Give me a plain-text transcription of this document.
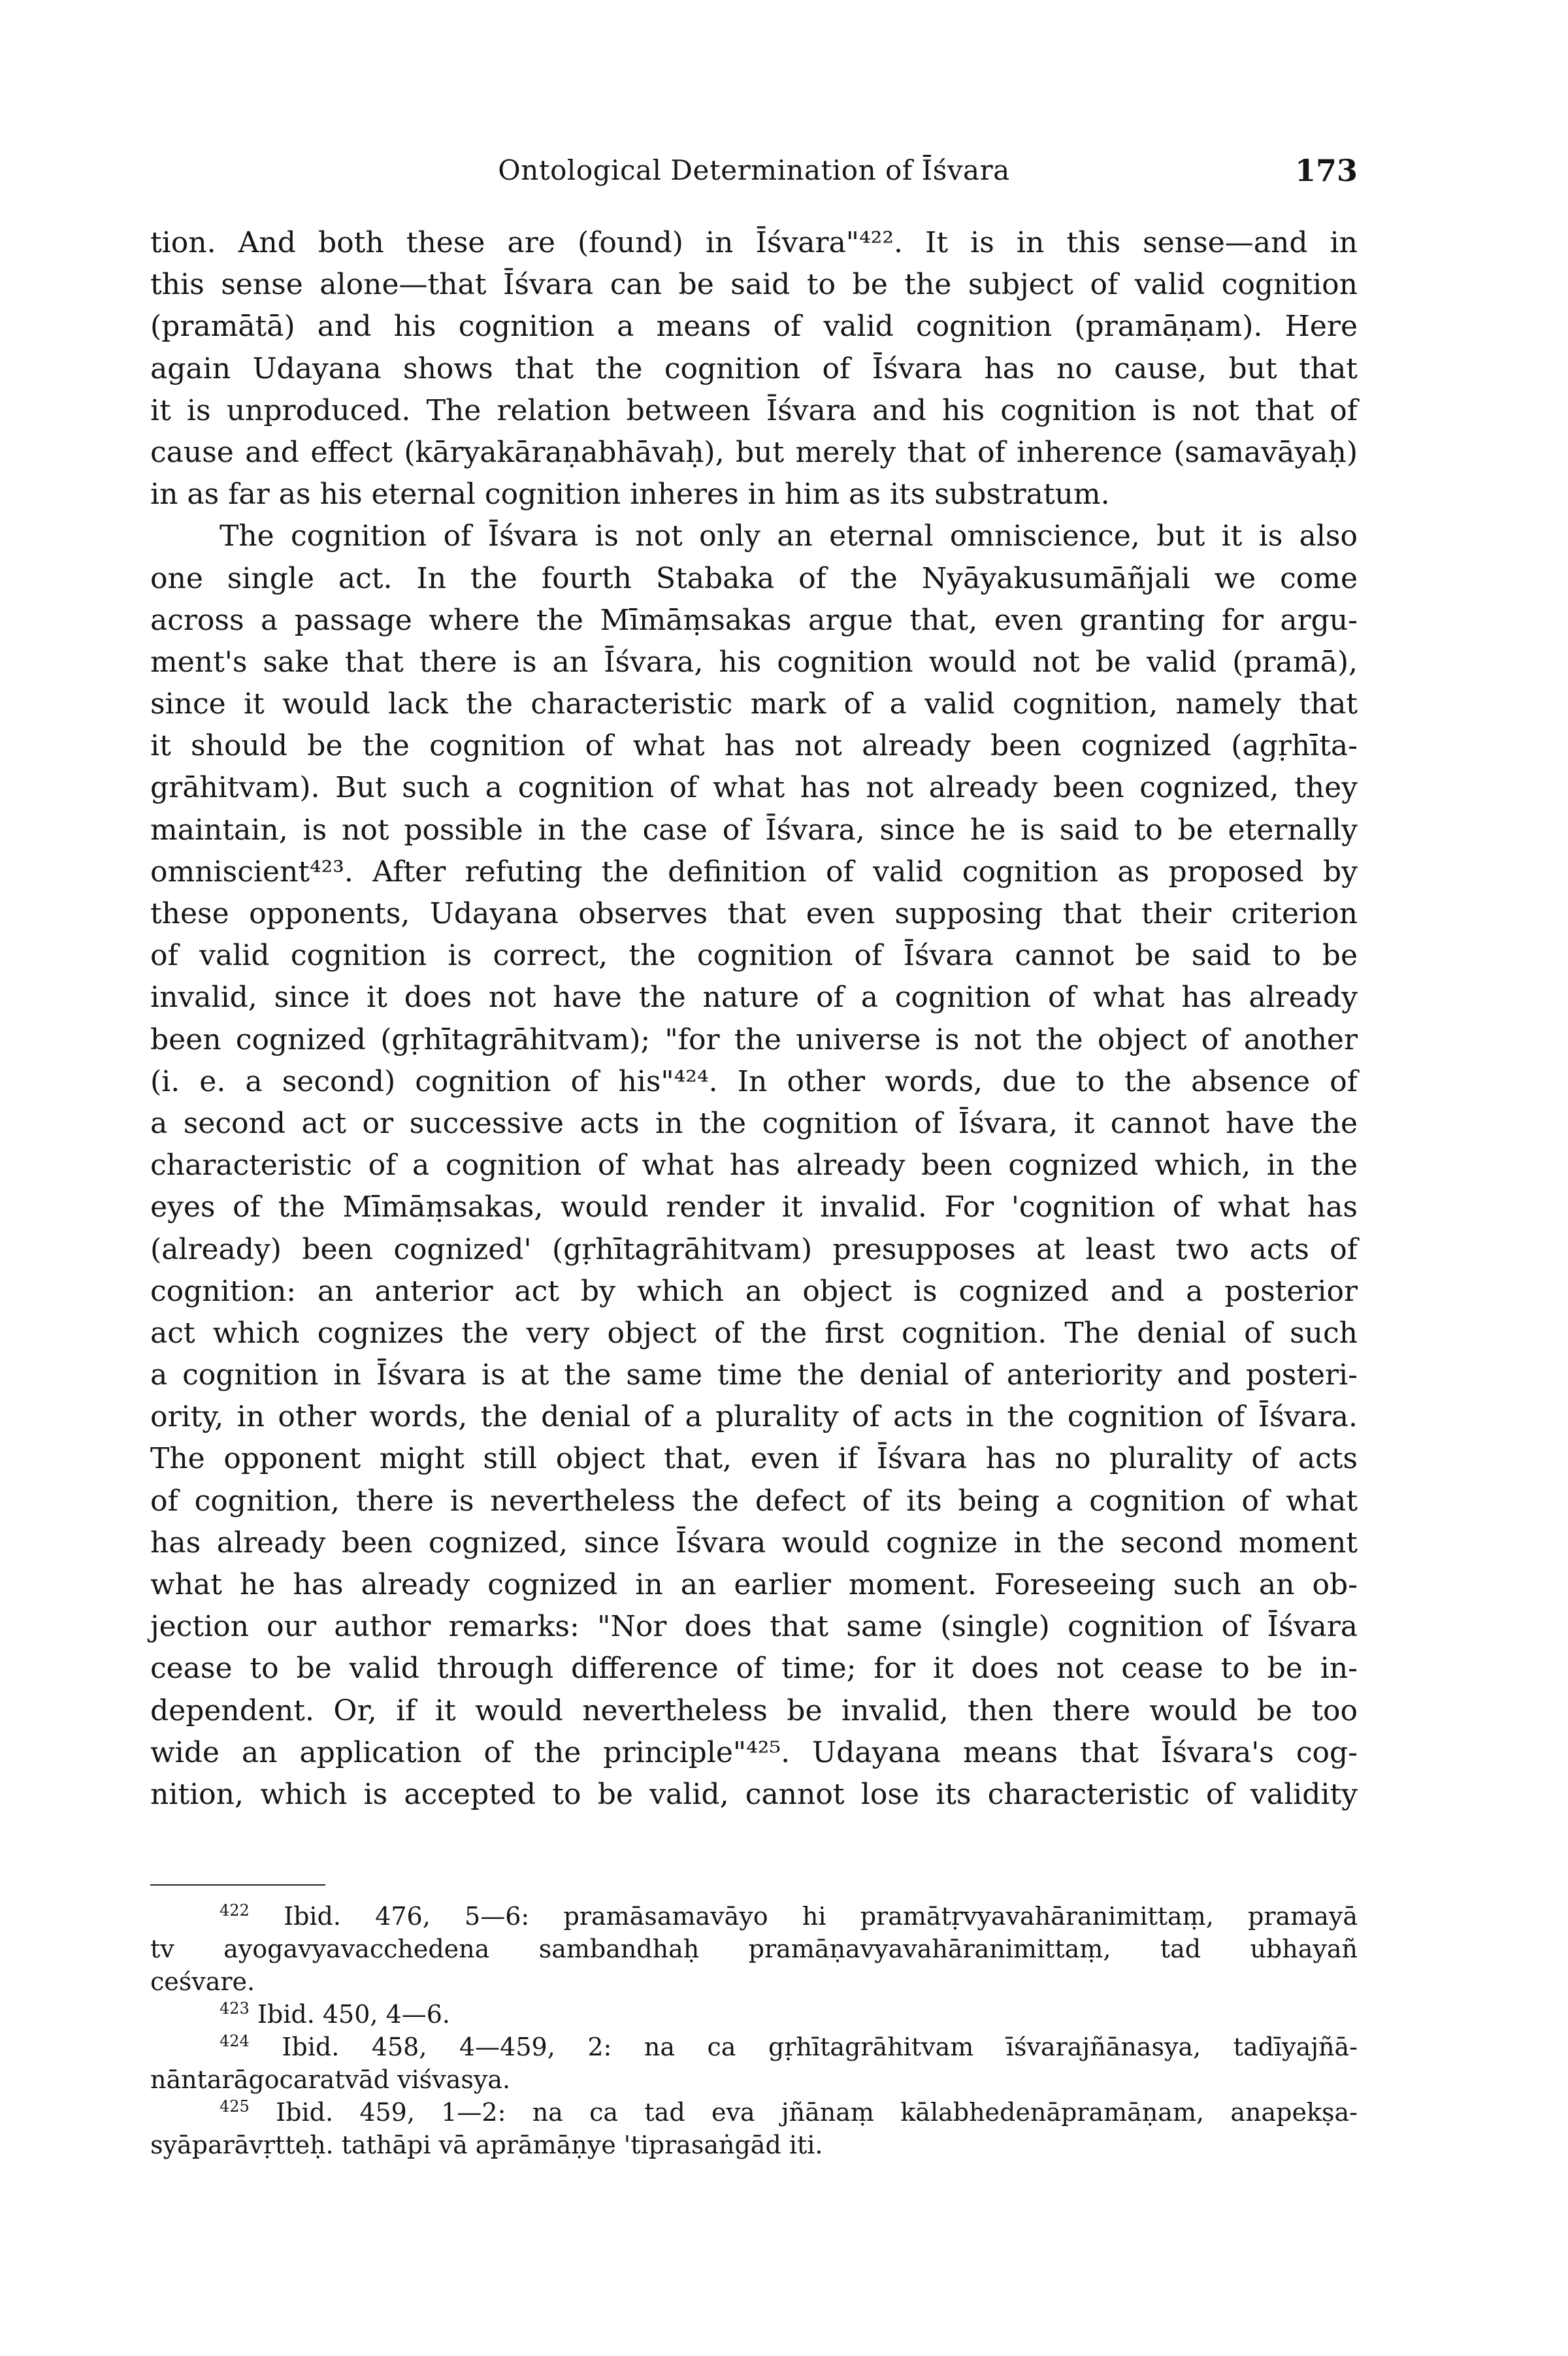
Ontological Determination of Īśvara	173
tion. And both these are (found) in Īśvara"⁴²². It is in this sense—and in
this sense alone—that Īśvara can be said to be the subject of valid cognition
(pramātā) and his cognition a means of valid cognition (pramāṇam). Here
again Udayana shows that the cognition of Īśvara has no cause, but that
it is unproduced. The relation between Īśvara and his cognition is not that of
cause and effect (kāryakāraṇabhāvaḥ), but merely that of inherence (samavāyaḥ)
in as far as his eternal cognition inheres in him as its substratum.
The cognition of Īśvara is not only an eternal omniscience, but it is also
one single act. In the fourth Stabaka of the Nyāyakusumāñjali we come
across a passage where the Mīmāṃsakas argue that, even granting for argu-
ment's sake that there is an Īśvara, his cognition would not be valid (pramā),
since it would lack the characteristic mark of a valid cognition, namely that
it should be the cognition of what has not already been cognized (agṛhīta-
grāhitvam). But such a cognition of what has not already been cognized, they
maintain, is not possible in the case of Īśvara, since he is said to be eternally
omniscient⁴²³. After refuting the definition of valid cognition as proposed by
these opponents, Udayana observes that even supposing that their criterion
of valid cognition is correct, the cognition of Īśvara cannot be said to be
invalid, since it does not have the nature of a cognition of what has already
been cognized (gṛhītagrāhitvam); "for the universe is not the object of another
(i. e. a second) cognition of his"⁴²⁴. In other words, due to the absence of
a second act or successive acts in the cognition of Īśvara, it cannot have the
characteristic of a cognition of what has already been cognized which, in the
eyes of the Mīmāṃsakas, would render it invalid. For 'cognition of what has
(already) been cognized' (gṛhītagrāhitvam) presupposes at least two acts of
cognition: an anterior act by which an object is cognized and a posterior
act which cognizes the very object of the first cognition. The denial of such
a cognition in Īśvara is at the same time the denial of anteriority and posteri-
ority, in other words, the denial of a plurality of acts in the cognition of Īśvara.
The opponent might still object that, even if Īśvara has no plurality of acts
of cognition, there is nevertheless the defect of its being a cognition of what
has already been cognized, since Īśvara would cognize in the second moment
what he has already cognized in an earlier moment. Foreseeing such an ob-
jection our author remarks: "Nor does that same (single) cognition of Īśvara
cease to be valid through difference of time; for it does not cease to be in-
dependent. Or, if it would nevertheless be invalid, then there would be too
wide an application of the principle"⁴²⁵. Udayana means that Īśvara's cog-
nition, which is accepted to be valid, cannot lose its characteristic of validity
$^{422}$ Ibid. 476, 5—6: pramāsamavāyo hi pramātṛvyavahāranimittaṃ, pramayā
tv ayogavyavacchedena sambandhaḥ pramāṇavyavahāranimittaṃ, tad ubhayañ
ceśvare.
$^{423}$ Ibid. 450, 4—6.
$^{424}$ Ibid. 458, 4—459, 2: na ca gṛhītagrāhitvam īśvarajñānasya, tadīyajñā-
nāntarāgocaratvād viśvasya.
$^{425}$ Ibid. 459, 1—2: na ca tad eva jñānaṃ kālabhedenāpramāṇam, anapekṣa-
syāparāvṛtteḥ. tathāpi vā aprāmāṇye 'tiprasaṅgād iti.
